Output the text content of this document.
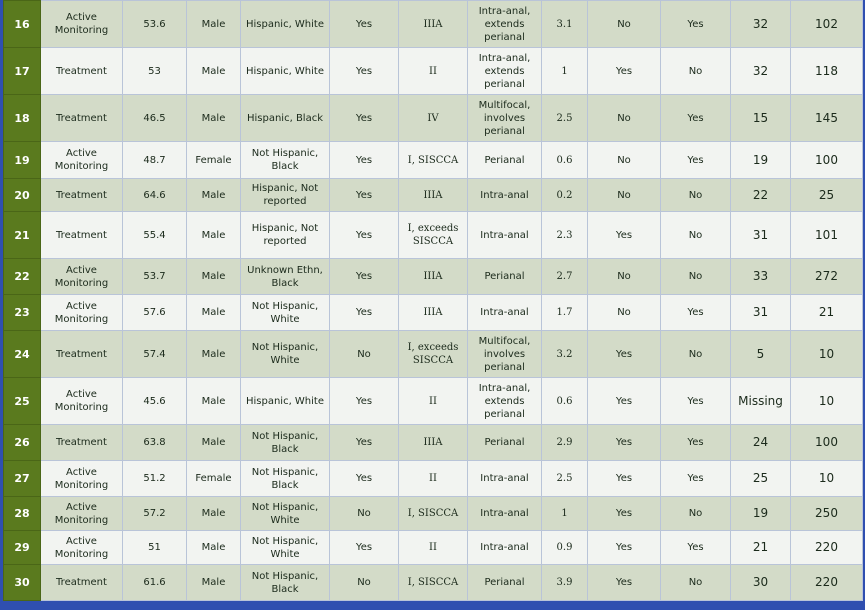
16	Active Monitoring	53.6	Male	Hispanic, White	Yes	IIIA	Intra-anal, extends perianal	3.1	No	Yes	32	102
17	Treatment	53	Male	Hispanic, White	Yes	II	Intra-anal, extends perianal	1	Yes	No	32	118
18	Treatment	46.5	Male	Hispanic, Black	Yes	IV	Multifocal, involves perianal	2.5	No	Yes	15	145
19	Active Monitoring	48.7	Female	Not Hispanic, Black	Yes	I, SISCCA	Perianal	0.6	No	Yes	19	100
20	Treatment	64.6	Male	Hispanic, Not reported	Yes	IIIA	Intra-anal	0.2	No	No	22	25
21	Treatment	55.4	Male	Hispanic, Not reported	Yes	I, exceeds SISCCA	Intra-anal	2.3	Yes	No	31	101
22	Active Monitoring	53.7	Male	Unknown Ethn, Black	Yes	IIIA	Perianal	2.7	No	No	33	272
23	Active Monitoring	57.6	Male	Not Hispanic, White	Yes	IIIA	Intra-anal	1.7	No	Yes	31	21
24	Treatment	57.4	Male	Not Hispanic, White	No	I, exceeds SISCCA	Multifocal, involves perianal	3.2	Yes	No	5	10
25	Active Monitoring	45.6	Male	Hispanic, White	Yes	II	Intra-anal, extends perianal	0.6	Yes	Yes	Missing	10
26	Treatment	63.8	Male	Not Hispanic, Black	Yes	IIIA	Perianal	2.9	Yes	Yes	24	100
27	Active Monitoring	51.2	Female	Not Hispanic, Black	Yes	II	Intra-anal	2.5	Yes	Yes	25	10
28	Active Monitoring	57.2	Male	Not Hispanic, White	No	I, SISCCA	Intra-anal	1	Yes	No	19	250
29	Active Monitoring	51	Male	Not Hispanic, White	Yes	II	Intra-anal	0.9	Yes	Yes	21	220
30	Treatment	61.6	Male	Not Hispanic, Black	No	I, SISCCA	Perianal	3.9	Yes	No	30	220
